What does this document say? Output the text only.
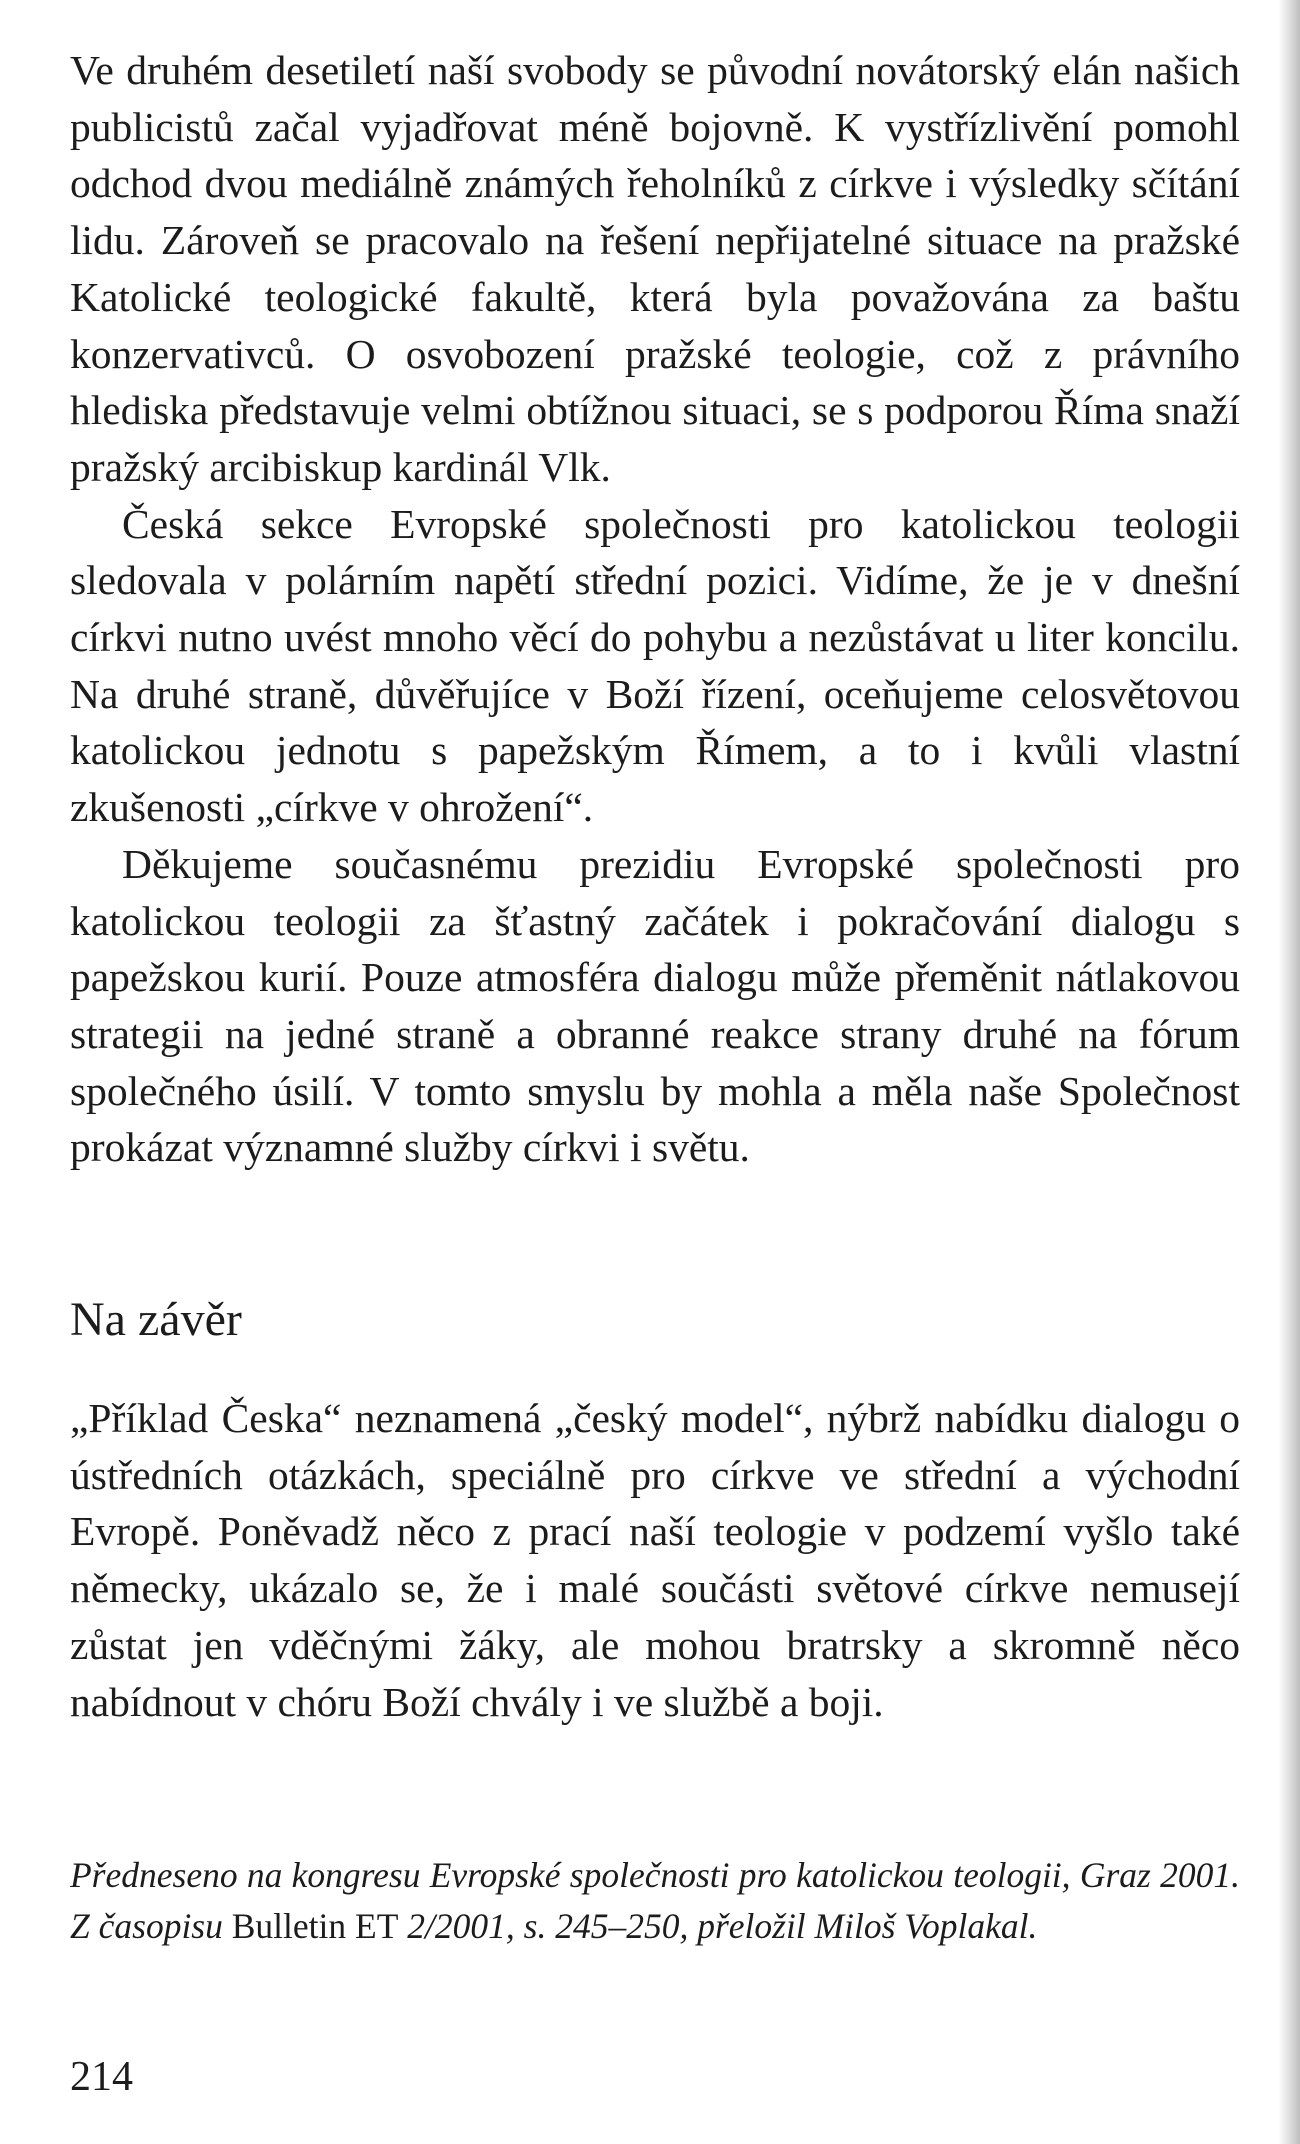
Ve druhém desetiletí naší svobody se původní novátorský elán našich publicistů začal vyjadřovat méně bojovně. K vystřízlivění pomohl odchod dvou mediálně známých řeholníků z církve i výsledky sčítání lidu. Zároveň se pracovalo na řešení nepřijatelné situace na pražské Katolické teologické fakultě, která byla považována za baštu konzervativců. O osvobození pražské teologie, což z právního hlediska představuje velmi obtížnou situaci, se s podporou Říma snaží pražský arcibiskup kardinál Vlk.

Česká sekce Evropské společnosti pro katolickou teologii sledovala v polárním napětí střední pozici. Vidíme, že je v dnešní církvi nutno uvést mnoho věcí do pohybu a nezůstávat u liter koncilu. Na druhé straně, důvěřujíce v Boží řízení, oceňujeme celosvětovou katolickou jednotu s papežským Římem, a to i kvůli vlastní zkušenosti „církve v ohrožení“.

Děkujeme současnému prezidiu Evropské společnosti pro katolickou teologii za šťastný začátek i pokračování dialogu s papežskou kurií. Pouze atmosféra dialogu může přeměnit nátlakovou strategii na jedné straně a obranné reakce strany druhé na fórum společného úsilí. V tomto smyslu by mohla a měla naše Společnost prokázat významné služby církvi i světu.

Na závěr

„Příklad Česka“ neznamená „český model“, nýbrž nabídku dialogu o ústředních otázkách, speciálně pro církve ve střední a východní Evropě. Poněvadž něco z prací naší teologie v podzemí vyšlo také německy, ukázalo se, že i malé součásti světové církve nemusejí zůstat jen vděčnými žáky, ale mohou bratrsky a skromně něco nabídnout v chóru Boží chvály i ve službě a boji.

Předneseno na kongresu Evropské společnosti pro katolickou teologii, Graz 2001. Z časopisu Bulletin ET 2/2001, s. 245–250, přeložil Miloš Voplakal.

214
